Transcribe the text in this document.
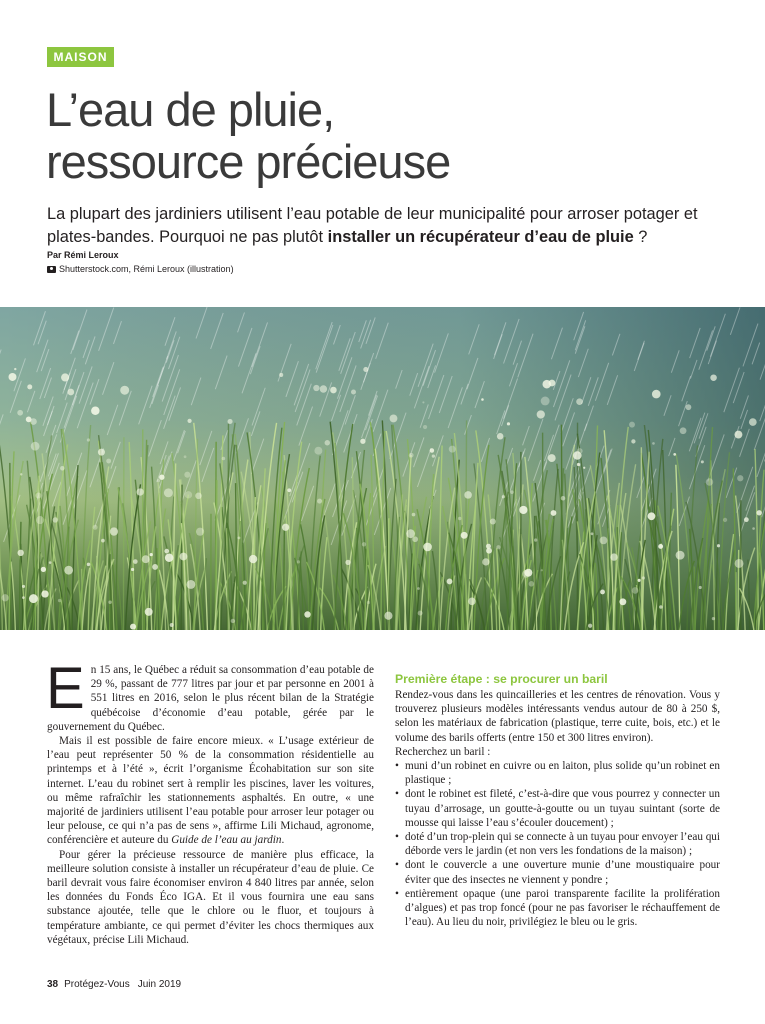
MAISON
L’eau de pluie,
ressource précieuse

La plupart des jardiniers utilisent l’eau potable de leur municipalité pour arroser potager et plates-bandes. Pourquoi ne pas plutôt installer un récupérateur d’eau de pluie ?

Par Rémi Leroux
Shutterstock.com, Rémi Leroux (illustration)

En 15 ans, le Québec a réduit sa consommation d’eau potable de 29 %, passant de 777 litres par jour et par personne en 2001 à 551 litres en 2016, selon le plus récent bilan de la Stratégie québécoise d’économie d’eau potable, gérée par le gouvernement du Québec.

Mais il est possible de faire encore mieux. « L’usage extérieur de l’eau peut représenter 50 % de la consommation résidentielle au printemps et à l’été », écrit l’organisme Écohabitation sur son site internet. L’eau du robinet sert à remplir les piscines, laver les voitures, ou même rafraîchir les stationnements asphaltés. En outre, « une majorité de jardiniers utilisent l’eau potable pour arroser leur potager ou leur pelouse, ce qui n’a pas de sens », affirme Lili Michaud, agronome, conférencière et auteure du Guide de l’eau au jardin.

Pour gérer la précieuse ressource de manière plus efficace, la meilleure solution consiste à installer un récupérateur d’eau de pluie. Ce baril devrait vous faire économiser environ 4 840 litres par année, selon les données du Fonds Éco IGA. Et il vous fournira une eau sans substance ajoutée, telle que le chlore ou le fluor, et toujours à température ambiante, ce qui permet d’éviter les chocs thermiques aux végétaux, précise Lili Michaud.

Première étape : se procurer un baril

Rendez-vous dans les quincailleries et les centres de rénovation. Vous y trouverez plusieurs modèles intéressants vendus autour de 80 à 250 $, selon les matériaux de fabrication (plastique, terre cuite, bois, etc.) et le volume des barils offerts (entre 150 et 300 litres environ).

Recherchez un baril :

• muni d’un robinet en cuivre ou en laiton, plus solide qu’un robinet en plastique ;
• dont le robinet est fileté, c’est-à-dire que vous pourrez y connecter un tuyau d’arrosage, un goutte-à-goutte ou un tuyau suintant (sorte de mousse qui laisse l’eau s’écouler doucement) ;
• doté d’un trop-plein qui se connecte à un tuyau pour envoyer l’eau qui déborde vers le jardin (et non vers les fondations de la maison) ;
• dont le couvercle a une ouverture munie d’une moustiquaire pour éviter que des insectes ne viennent y pondre ;
• entièrement opaque (une paroi transparente facilite la prolifération d’algues) et pas trop foncé (pour ne pas favoriser le réchauffement de l’eau). Au lieu du noir, privilégiez le bleu ou le gris.
38 Protégez-Vous Juin 2019
